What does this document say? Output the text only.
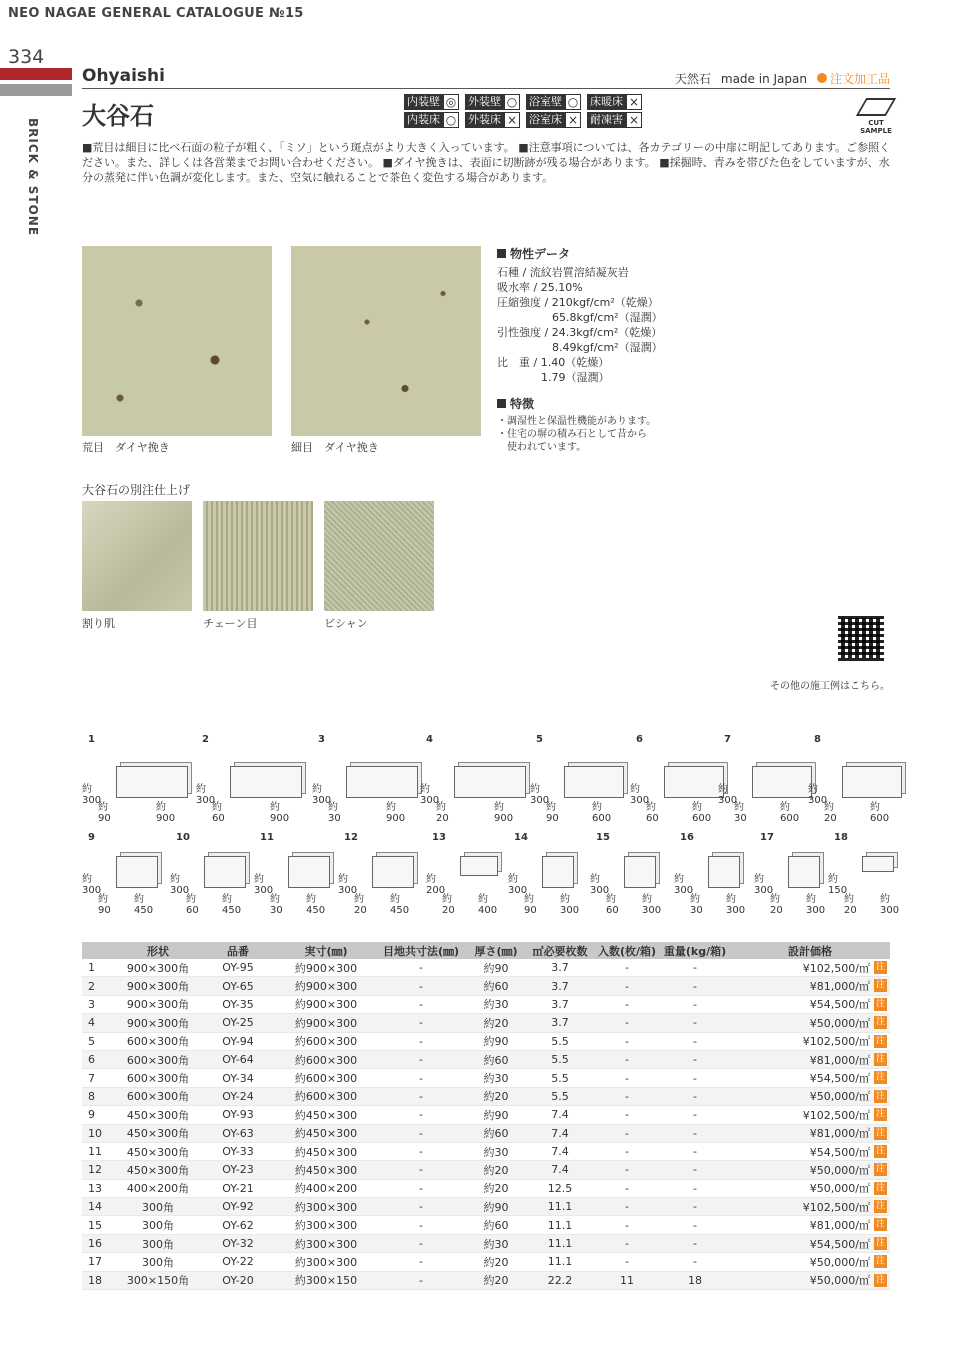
NEO NAGAE GENERAL CATALOGUE №15
334
BRICK & STONE
Ohyaishi	天然石 made in Japan	注文加工品
大谷石
内装壁 ◎ 外装壁 ○ 浴室壁 ○ 床暖床 ×
内装床 ○ 外装床 × 浴室床 × 耐凍害 ×	CUT SAMPLE
■荒目は細目に比べ石面の粒子が粗く、「ミソ」という斑点がより大きく入っています。 ■注意事項については、各カテゴリーの中扉に明記してあります。ご参照ください。また、詳しくは各営業までお問い合わせください。 ■ダイヤ挽きは、表面に切断跡が残る場合があります。 ■採掘時、青みを帯びた色をしていますが、水分の蒸発に伴い色調が変化します。また、空気に触れることで茶色く変色する場合があります。
荒目　ダイヤ挽き	細目　ダイヤ挽き
物性データ
石種 / 流紋岩質溶結凝灰岩
吸水率 / 25.10%
圧縮強度 / 210kgf/cm²（乾燥）
　　　　　65.8kgf/cm²（湿潤）
引性強度 / 24.3kgf/cm²（乾燥）
　　　　　8.49kgf/cm²（湿潤）
比　重 / 1.40（乾燥）
　　　　1.79（湿潤）
特徴
・調湿性と保温性機能があります。
・住宅の塀の積み石として昔から
　使われています。
大谷石の別注仕上げ
割り肌	チェーン目	ビシャン
その他の施工例はこちら。
1
約300
約90
約900
2
約300
約60
約900
3
約300
約30
約900
4
約300
約20
約900
5
約300
約90
約600
6
約300
約60
約600
7
約300
約30
約600
8
約300
約20
約600
9
約300
約90
約450
10
約300
約60
約450
11
約300
約30
約450
12
約300
約20
約450
13
約200
約20
約400
14
約300
約90
約300
15
約300
約60
約300
16
約300
約30
約300
17
約300
約20
約300
18
約150
約20
約300
	形状	品番	実寸(㎜)	目地共寸法(㎜)	厚さ(㎜)	㎡必要枚数	入数(枚/箱)	重量(kg/箱)	設計価格
1	900×300角	OY-95	約900×300	-	約90	3.7	-	-	¥102,500/㎡ 注

2	900×300角	OY-65	約900×300	-	約60	3.7	-	-	¥81,000/㎡ 注

3	900×300角	OY-35	約900×300	-	約30	3.7	-	-	¥54,500/㎡ 注

4	900×300角	OY-25	約900×300	-	約20	3.7	-	-	¥50,000/㎡ 注

5	600×300角	OY-94	約600×300	-	約90	5.5	-	-	¥102,500/㎡ 注

6	600×300角	OY-64	約600×300	-	約60	5.5	-	-	¥81,000/㎡ 注

7	600×300角	OY-34	約600×300	-	約30	5.5	-	-	¥54,500/㎡ 注

8	600×300角	OY-24	約600×300	-	約20	5.5	-	-	¥50,000/㎡ 注

9	450×300角	OY-93	約450×300	-	約90	7.4	-	-	¥102,500/㎡ 注

10	450×300角	OY-63	約450×300	-	約60	7.4	-	-	¥81,000/㎡ 注

11	450×300角	OY-33	約450×300	-	約30	7.4	-	-	¥54,500/㎡ 注

12	450×300角	OY-23	約450×300	-	約20	7.4	-	-	¥50,000/㎡ 注

13	400×200角	OY-21	約400×200	-	約20	12.5	-	-	¥50,000/㎡ 注

14	300角	OY-92	約300×300	-	約90	11.1	-	-	¥102,500/㎡ 注

15	300角	OY-62	約300×300	-	約60	11.1	-	-	¥81,000/㎡ 注

16	300角	OY-32	約300×300	-	約30	11.1	-	-	¥54,500/㎡ 注

17	300角	OY-22	約300×300	-	約20	11.1	-	-	¥50,000/㎡ 注

18	300×150角	OY-20	約300×150	-	約20	22.2	11	18	¥50,000/㎡ 注
